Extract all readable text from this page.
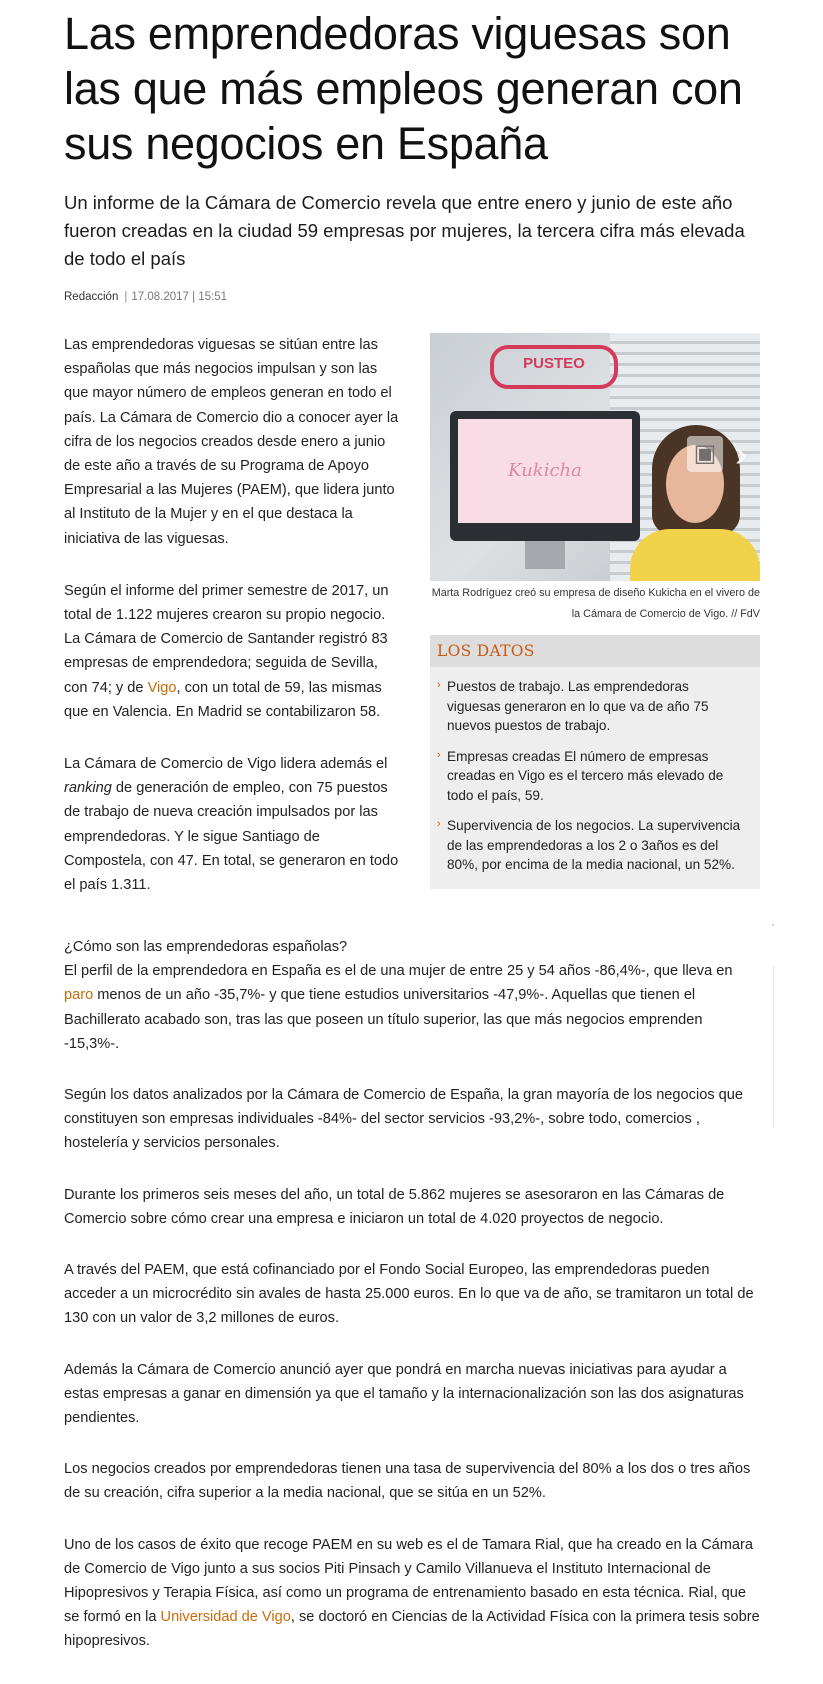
Las emprendedoras viguesas son las que más empleos generan con sus negocios en España

Un informe de la Cámara de Comercio revela que entre enero y junio de este año fueron creadas en la ciudad 59 empresas por mujeres, la tercera cifra más elevada de todo el país

Redacción | 17.08.2017 | 15:51

Las emprendedoras viguesas se sitúan entre las españolas que más negocios impulsan y son las que mayor número de empleos generan en todo el país. La Cámara de Comercio dio a conocer ayer la cifra de los negocios creados desde enero a junio de este año a través de su Programa de Apoyo Empresarial a las Mujeres (PAEM), que lidera junto al Instituto de la Mujer y en el que destaca la iniciativa de las viguesas.

Según el informe del primer semestre de 2017, un total de 1.122 mujeres crearon su propio negocio. La Cámara de Comercio de Santander registró 83 empresas de emprendedora; seguida de Sevilla, con 74; y de Vigo, con un total de 59, las mismas que en Valencia. En Madrid se contabilizaron 58.

La Cámara de Comercio de Vigo lidera además el ranking de generación de empleo, con 75 puestos de trabajo de nueva creación impulsados por las emprendedoras. Y le sigue Santiago de Compostela, con 47. En total, se generaron en todo el país 1.311.

PUSTEO
Kukicha
▣ ›

Marta Rodríguez creó su empresa de diseño Kukicha en el vivero de la Cámara de Comercio de Vigo. // FdV

LOS DATOS
› Puestos de trabajo. Las emprendedoras viguesas generaron en lo que va de año 75 nuevos puestos de trabajo.
› Empresas creadas El número de empresas creadas en Vigo es el tercero más elevado de todo el país, 59.
› Supervivencia de los negocios. La supervivencia de las emprendedoras a los 2 o 3años es del 80%, por encima de la media nacional, un 52%.

¿Cómo son las emprendedoras españolas?
El perfil de la emprendedora en España es el de una mujer de entre 25 y 54 años -86,4%-, que lleva en paro menos de un año -35,7%- y que tiene estudios universitarios -47,9%-. Aquellas que tienen el Bachillerato acabado son, tras las que poseen un título superior, las que más negocios emprenden -15,3%-.

Según los datos analizados por la Cámara de Comercio de España, la gran mayoría de los negocios que constituyen son empresas individuales -84%- del sector servicios -93,2%-, sobre todo, comercios , hostelería y servicios personales.

Durante los primeros seis meses del año, un total de 5.862 mujeres se asesoraron en las Cámaras de Comercio sobre cómo crear una empresa e iniciaron un total de 4.020 proyectos de negocio.

A través del PAEM, que está cofinanciado por el Fondo Social Europeo, las emprendedoras pueden acceder a un microcrédito sin avales de hasta 25.000 euros. En lo que va de año, se tramitaron un total de 130 con un valor de 3,2 millones de euros.

Además la Cámara de Comercio anunció ayer que pondrá en marcha nuevas iniciativas para ayudar a estas empresas a ganar en dimensión ya que el tamaño y la internacionalización son las dos asignaturas pendientes.

Los negocios creados por emprendedoras tienen una tasa de supervivencia del 80% a los dos o tres años de su creación, cifra superior a la media nacional, que se sitúa en un 52%.

Uno de los casos de éxito que recoge PAEM en su web es el de Tamara Rial, que ha creado en la Cámara de Comercio de Vigo junto a sus socios Piti Pinsach y Camilo Villanueva el Instituto Internacional de Hipopresivos y Terapia Física, así como un programa de entrenamiento basado en esta técnica. Rial, que se formó en la Universidad de Vigo, se doctoró en Ciencias de la Actividad Física con la primera tesis sobre hipopresivos.
